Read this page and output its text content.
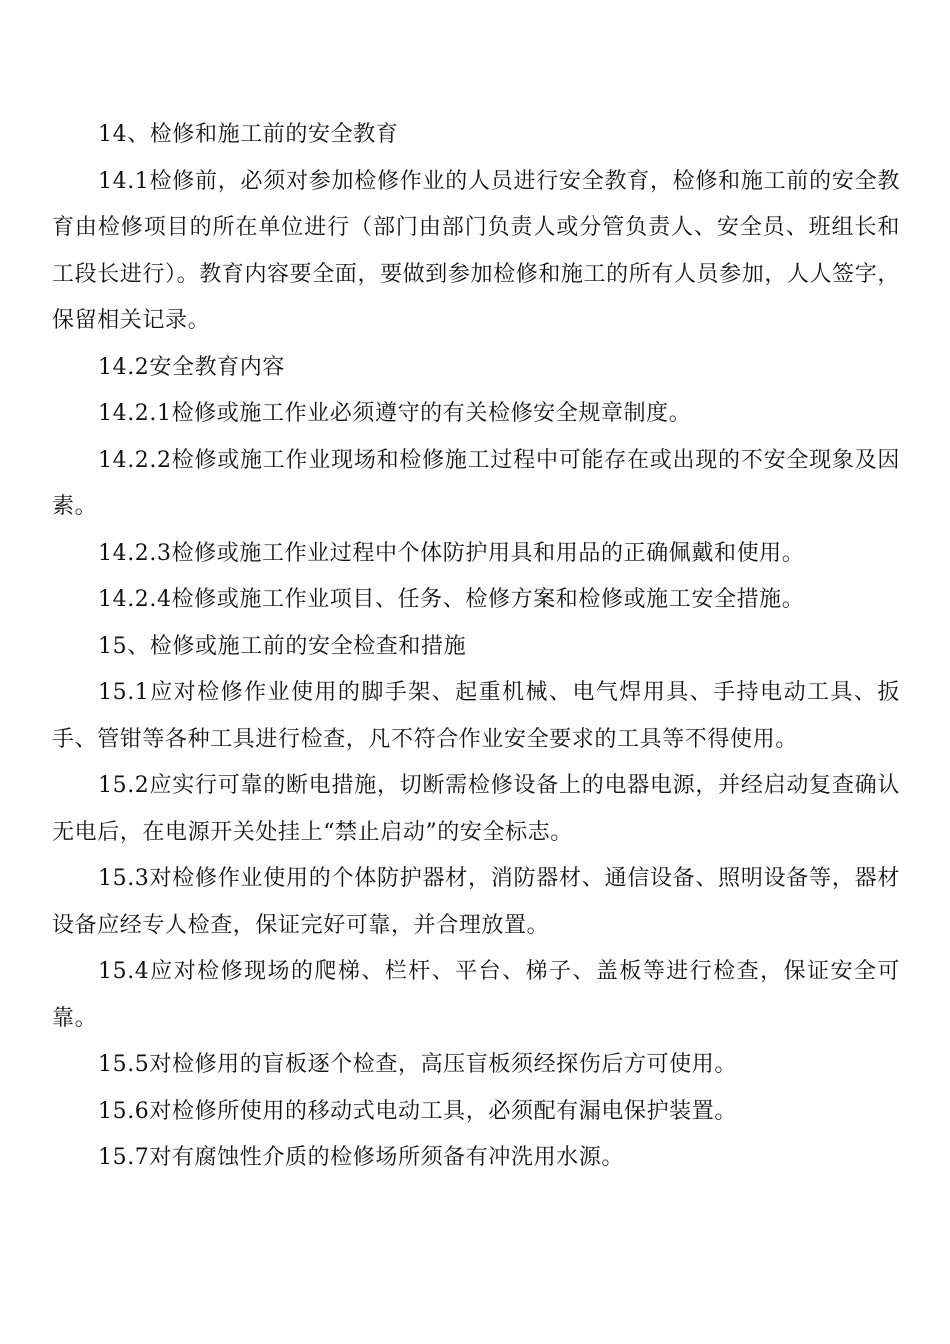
14、检修和施工前的安全教育

14.1检修前，必须对参加检修作业的人员进行安全教育，检修和施工前的安全教育由检修项目的所在单位进行（部门由部门负责人或分管负责人、安全员、班组长和工段长进行）。教育内容要全面，要做到参加检修和施工的所有人员参加，人人签字，保留相关记录。

14.2安全教育内容

14.2.1检修或施工作业必须遵守的有关检修安全规章制度。

14.2.2检修或施工作业现场和检修施工过程中可能存在或出现的不安全现象及因素。

14.2.3检修或施工作业过程中个体防护用具和用品的正确佩戴和使用。

14.2.4检修或施工作业项目、任务、检修方案和检修或施工安全措施。

15、检修或施工前的安全检查和措施

15.1应对检修作业使用的脚手架、起重机械、电气焊用具、手持电动工具、扳手、管钳等各种工具进行检查，凡不符合作业安全要求的工具等不得使用。

15.2应实行可靠的断电措施，切断需检修设备上的电器电源，并经启动复查确认无电后，在电源开关处挂上“禁止启动”的安全标志。

15.3对检修作业使用的个体防护器材，消防器材、通信设备、照明设备等，器材设备应经专人检查，保证完好可靠，并合理放置。

15.4应对检修现场的爬梯、栏杆、平台、梯子、盖板等进行检查，保证安全可靠。

15.5对检修用的盲板逐个检查，高压盲板须经探伤后方可使用。

15.6对检修所使用的移动式电动工具，必须配有漏电保护装置。

15.7对有腐蚀性介质的检修场所须备有冲洗用水源。
